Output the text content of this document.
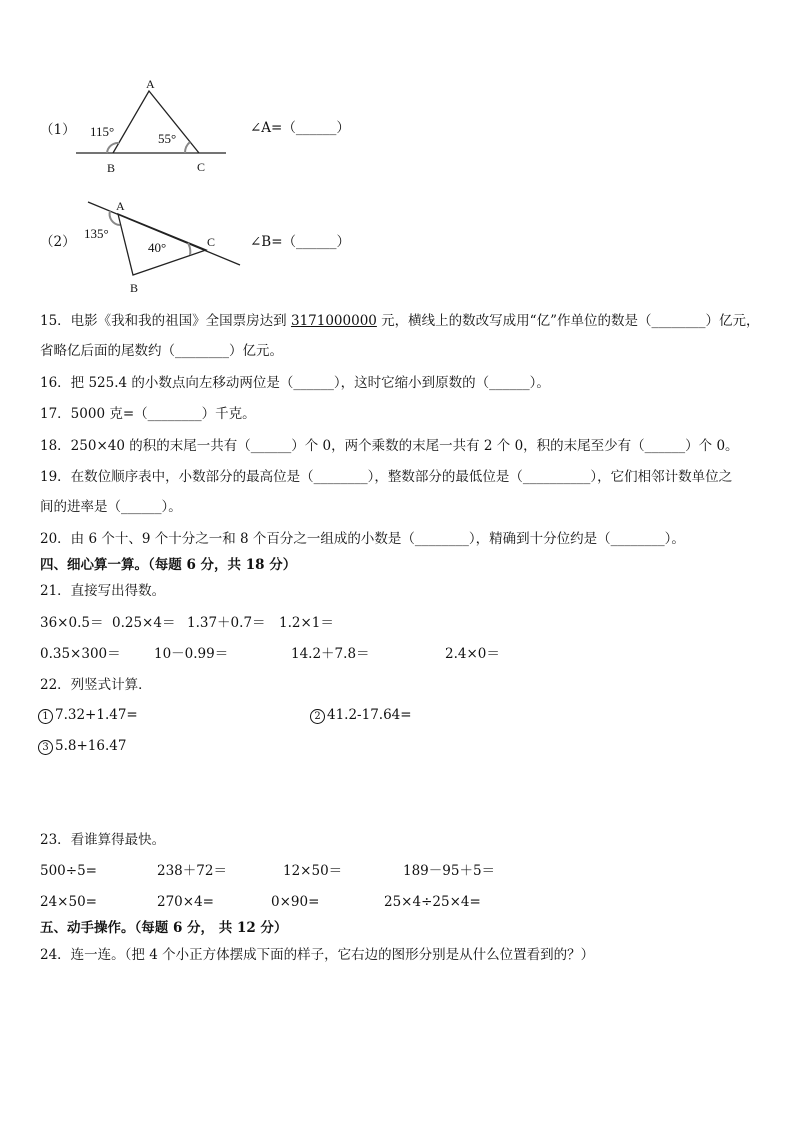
（1）
A
B	C
115°	55°
∠A=（______）
（2）
A
B
C
135°
40°	∠B=（______）
15．电影《我和我的祖国》全国票房达到 3171000000 元，横线上的数改写成用“亿”作单位的数是（________）亿元，
省略亿后面的尾数约（________）亿元。
16．把 525.4 的小数点向左移动两位是（______），这时它缩小到原数的（______）。
17．5000 克=（________）千克。
18．250×40 的积的末尾一共有（______）个 0，两个乘数的末尾一共有 2 个 0，积的末尾至少有（______）个 0。
19．在数位顺序表中，小数部分的最高位是（________），整数部分的最低位是（__________），它们相邻计数单位之
间的进率是（______）。
20．由 6 个十、9 个十分之一和 8 个百分之一组成的小数是（________），精确到十分位约是（________）。
四、细心算一算。（每题 6 分，共 18 分）
21．直接写出得数。
36×0.5＝ 0.25×4＝ 1.37＋0.7＝ 1.2×1＝
0.35×300＝ 10－0.99＝	14.2＋7.8＝	2.4×0＝
22．列竖式计算．
1 7.32+1.47=	2 41.2-17.64=
3 5.8+16.47
23．看谁算得最快。
500÷5=	238＋72＝	12×50＝	189－95＋5＝
24×50=	270×4=	0×90=	25×4÷25×4=
五、动手操作。（每题 6 分， 共 12 分）
24．连一连。（把 4 个小正方体摆成下面的样子，它右边的图形分别是从什么位置看到的？）
